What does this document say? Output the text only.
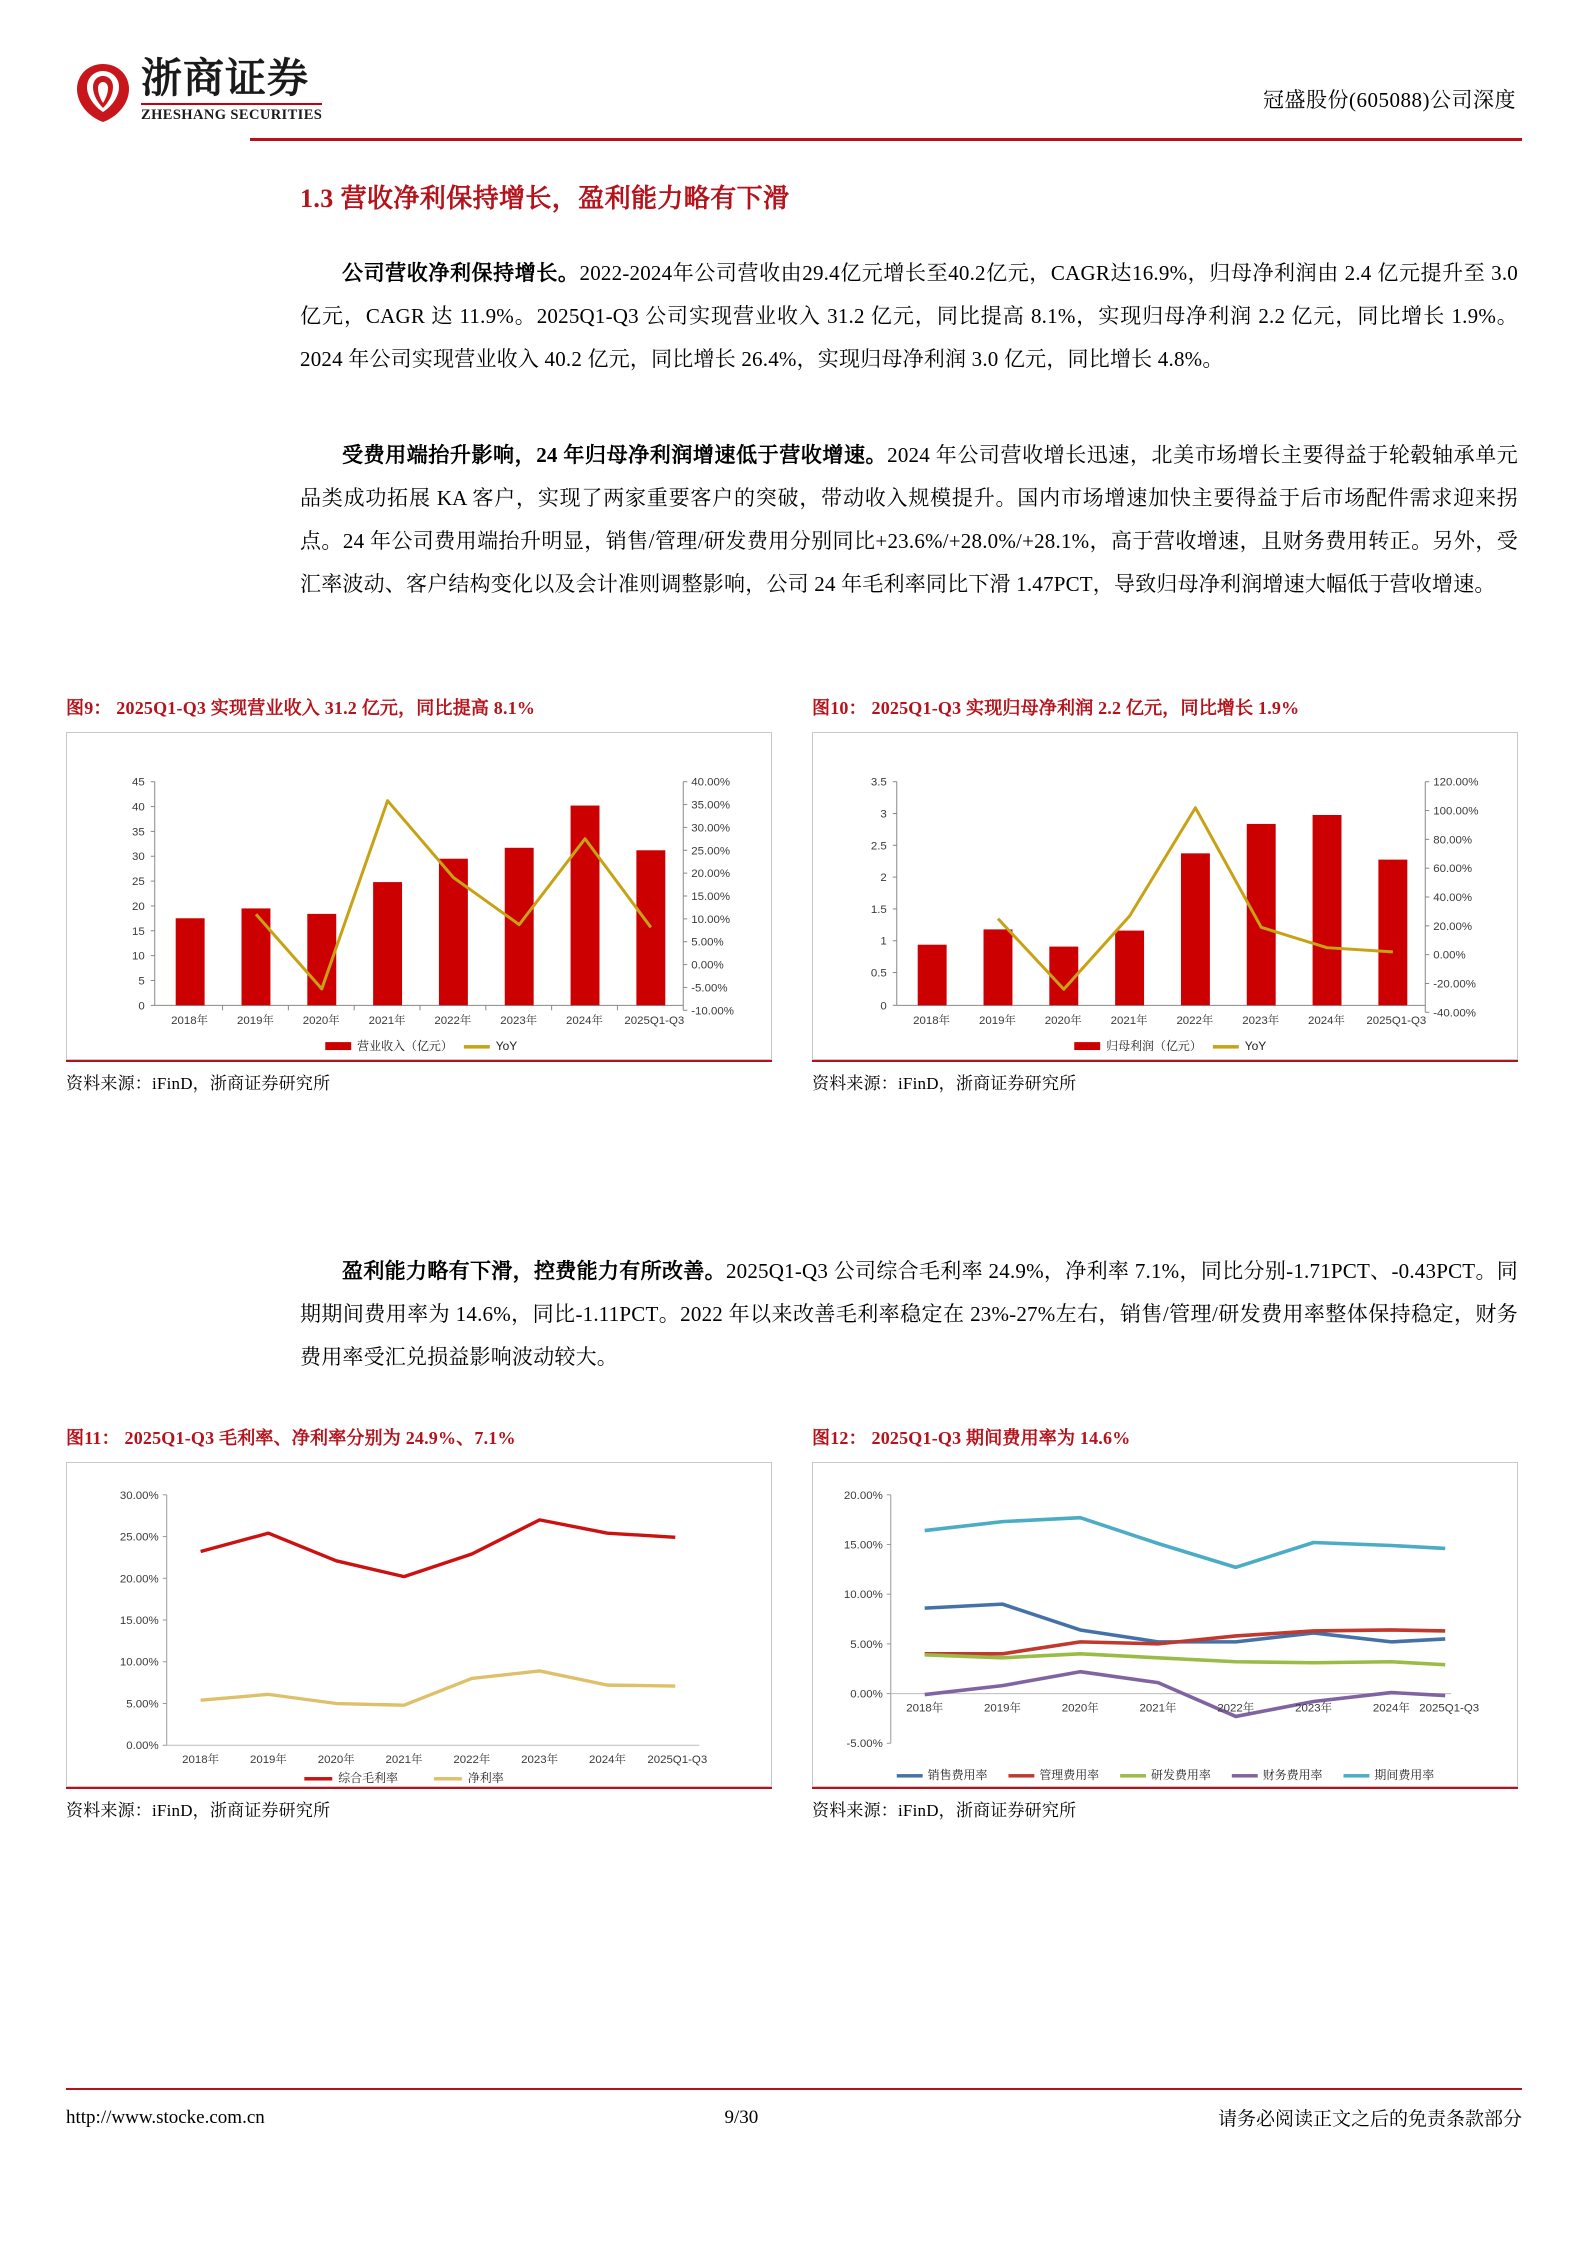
浙商证券
ZHESHANG SECURITIES
冠盛股份(605088)公司深度
1.3 营收净利保持增长，盈利能力略有下滑

公司营收净利保持增长。2022-2024年公司营收由29.4亿元增长至40.2亿元，CAGR达16.9%，归母净利润由 2.4 亿元提升至 3.0 亿元，CAGR 达 11.9%。2025Q1-Q3 公司实现营业收入 31.2 亿元，同比提高 8.1%，实现归母净利润 2.2 亿元，同比增长 1.9%。2024 年公司实现营业收入 40.2 亿元，同比增长 26.4%，实现归母净利润 3.0 亿元，同比增长 4.8%。

受费用端抬升影响，24 年归母净利润增速低于营收增速。2024 年公司营收增长迅速，北美市场增长主要得益于轮毂轴承单元品类成功拓展 KA 客户，实现了两家重要客户的突破，带动收入规模提升。国内市场增速加快主要得益于后市场配件需求迎来拐点。24 年公司费用端抬升明显，销售/管理/研发费用分别同比+23.6%/+28.0%/+28.1%，高于营收增速，且财务费用转正。另外，受汇率波动、客户结构变化以及会计准则调整影响，公司 24 年毛利率同比下滑 1.47PCT，导致归母净利润增速大幅低于营收增速。

盈利能力略有下滑，控费能力有所改善。2025Q1-Q3 公司综合毛利率 24.9%，净利率 7.1%，同比分别-1.71PCT、-0.43PCT。同期期间费用率为 14.6%，同比-1.11PCT。2022 年以来改善毛利率稳定在 23%-27%左右，销售/管理/研发费用率整体保持稳定，财务费用率受汇兑损益影响波动较大。

图9： 2025Q1-Q3 实现营业收入 31.2 亿元，同比提高 8.1%
45
40
35
30
25
20
15
10
5
0
40.00%
35.00%
30.00%
25.00%
20.00%
15.00%
10.00%
5.00%
0.00%
-5.00%
-10.00%
2018年	2019年	2020年	2021年	2022年	2023年	2024年 2025Q1-Q3
营业收入（亿元）	YoY
资料来源：iFinD，浙商证券研究所
图10： 2025Q1-Q3 实现归母净利润 2.2 亿元，同比增长 1.9%
3.5
3
2.5
2
1.5
1
0.5
0
120.00%
100.00%
80.00%
60.00%
40.00%
20.00%
0.00%
-20.00%
-40.00%
2018年	2019年	2020年	2021年	2022年	2023年	2024年 2025Q1-Q3
归母利润（亿元）	YoY
资料来源：iFinD，浙商证券研究所
图11： 2025Q1-Q3 毛利率、净利率分别为 24.9%、7.1%
30.00%
25.00%
20.00%
15.00%
10.00%
5.00%
0.00%
2018年	2019年	2020年	2021年	2022年	2023年	2024年 2025Q1-Q3
综合毛利率	净利率
资料来源：iFinD，浙商证券研究所
图12： 2025Q1-Q3 期间费用率为 14.6%
20.00%
15.00%
10.00%
5.00%
0.00%
-5.00%
2018年	2019年	2020年	2021年	2022年	2023年	2024年 2025Q1-Q3
销售费用率	管理费用率	研发费用率	财务费用率	期间费用率
资料来源：iFinD，浙商证券研究所
http://www.stocke.com.cn	9/30	请务必阅读正文之后的免责条款部分
